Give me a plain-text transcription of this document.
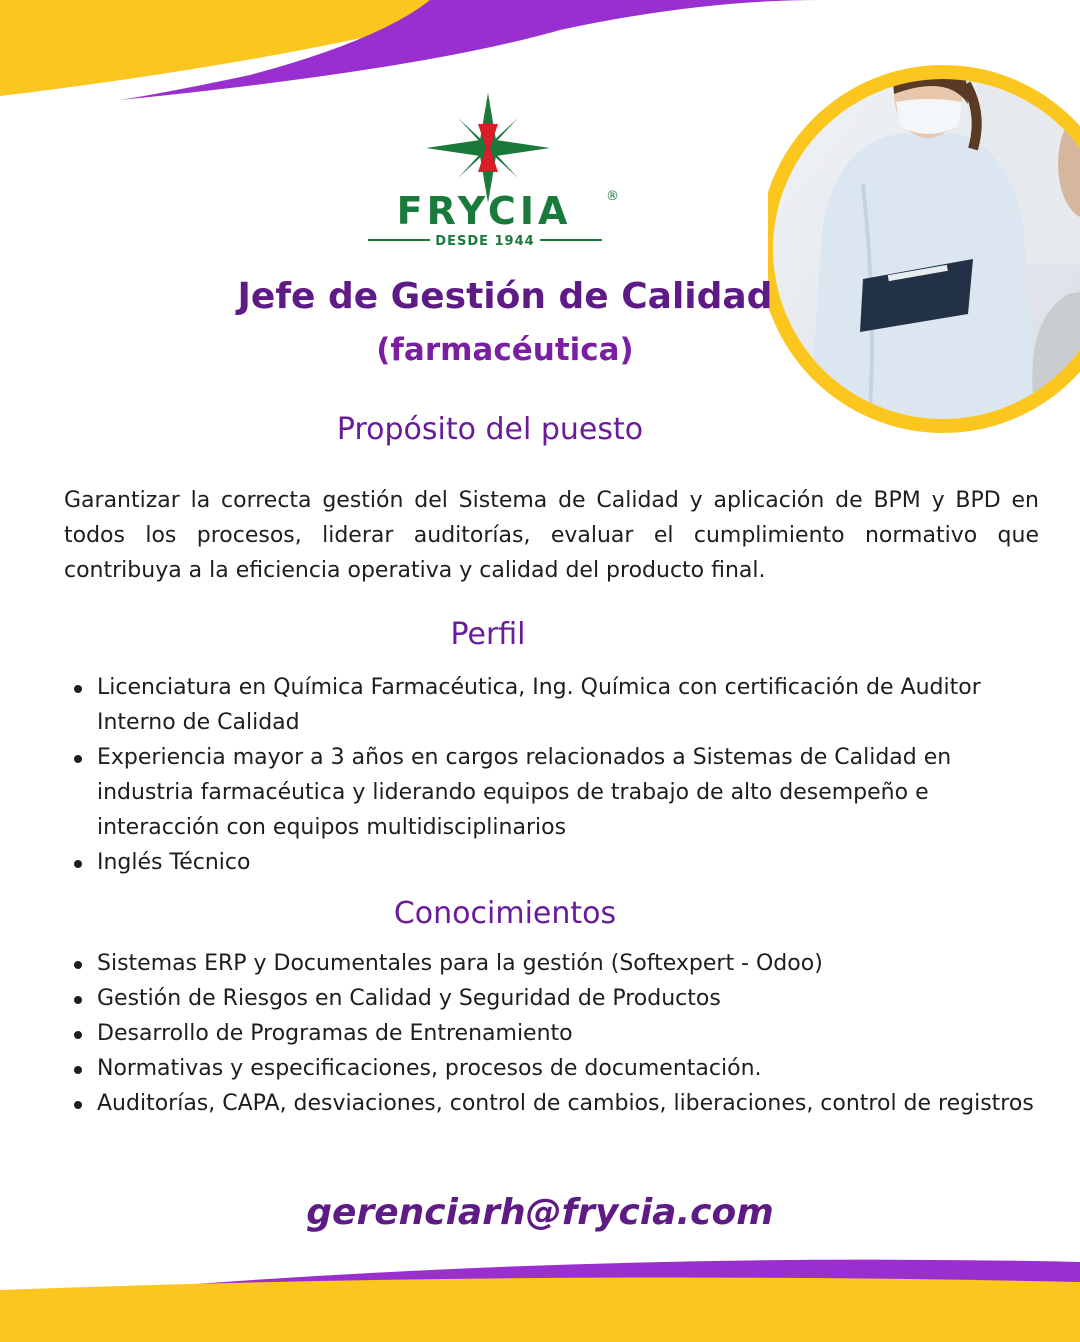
FRYCIA	®
DESDE 1944
Jefe de Gestión de Calidad
(farmacéutica)
Propósito del puesto

Garantizar la correcta gestión del Sistema de Calidad y aplicación de BPM y BPD en todos los procesos, liderar auditorías, evaluar el cumplimiento normativo que contribuya a la eficiencia operativa y calidad del producto final.

Perfil
Licenciatura en Química Farmacéutica, Ing. Química con certificación de Auditor Interno de Calidad
Experiencia mayor a 3 años en cargos relacionados a Sistemas de Calidad en industria farmacéutica y liderando equipos de trabajo de alto desempeño e interacción con equipos multidisciplinarios
Inglés Técnico
Conocimientos
Sistemas ERP y Documentales para la gestión (Softexpert - Odoo)
Gestión de Riesgos en Calidad y Seguridad de Productos
Desarrollo de Programas de Entrenamiento
Normativas y especificaciones, procesos de documentación.
Auditorías, CAPA, desviaciones, control de cambios, liberaciones, control de registros

gerenciarh@frycia.com
